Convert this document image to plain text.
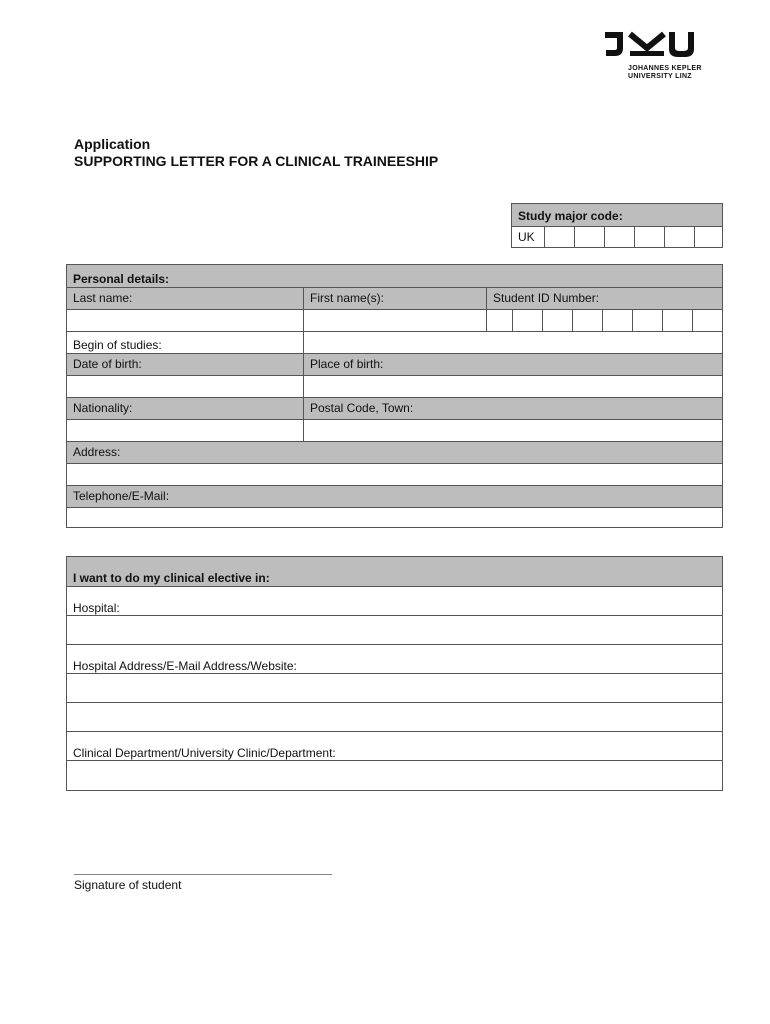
JOHANNES KEPLER
UNIVERSITY LINZ
Application
SUPPORTING LETTER FOR A CLINICAL TRAINEESHIP
Study major code:
UK
Personal details:
Last name:	First name(s):	Student ID Number:
Begin of studies:
Date of birth:	Place of birth:
Nationality:	Postal Code, Town:
Address:
Telephone/E-Mail:
I want to do my clinical elective in:
Hospital:
Hospital Address/E-Mail Address/Website:
Clinical Department/University Clinic/Department:
Signature of student
